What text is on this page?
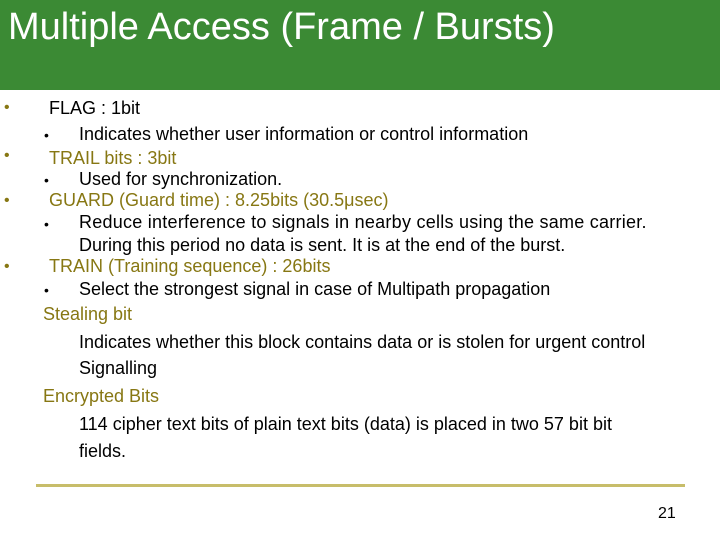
Multiple Access (Frame / Bursts)
•
•
•
•
FLAG : 1bit
• Indicates whether user information or control information
TRAIL bits : 3bit
• Used for synchronization.
GUARD (Guard time) : 8.25bits (30.5μsec)
• Reduce interference to signals in nearby cells using the same carrier.
During this period no data is sent. It is at the end of the burst.
TRAIN (Training sequence) : 26bits
• Select the strongest signal in case of Multipath propagation
Stealing bit
Indicates whether this block contains data or is stolen for urgent control
Signalling
Encrypted Bits
114 cipher text bits of plain text bits (data) is placed in two 57 bit bit
fields.
21
